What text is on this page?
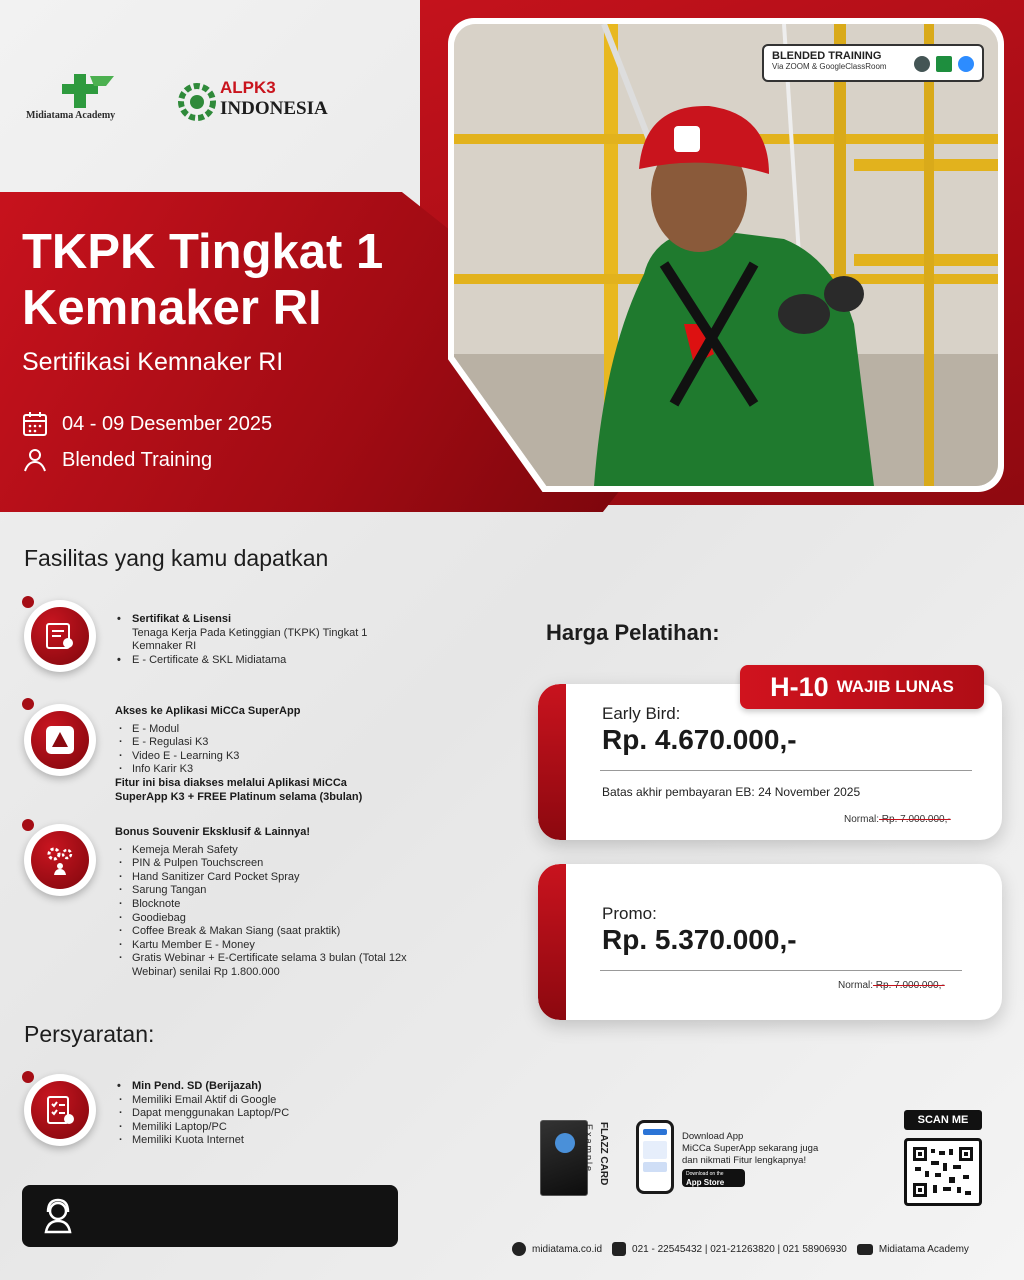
BLENDED TRAINING
Via ZOOM & GoogleClassRoom
Midiatama Academy
ALPK3
INDONESIA
TKPK Tingkat 1
Kemnaker RI
Sertifikasi Kemnaker RI
04 - 09 Desember 2025
Blended Training
Fasilitas yang kamu dapatkan
• Sertifikat & Lisensi
Tenaga Kerja Pada Ketinggian (TKPK) Tingkat 1
Kemnaker RI
• E - Certificate & SKL Midiatama
Akses ke Aplikasi MiCCa SuperApp
· E - Modul
· E - Regulasi K3
· Video E - Learning K3
· Info Karir K3
Fitur ini bisa diakses melalui Aplikasi MiCCa
SuperApp K3 + FREE Platinum selama (3bulan)
Bonus Souvenir Eksklusif & Lainnya!
· Kemeja Merah Safety
· PIN & Pulpen Touchscreen
· Hand Sanitizer Card Pocket Spray
· Sarung Tangan
· Blocknote
· Goodiebag
· Coffee Break & Makan Siang (saat praktik)
· Kartu Member E - Money
· Gratis Webinar + E-Certificate selama 3 bulan (Total 12x
Webinar) senilai Rp 1.800.000
Harga Pelatihan:
Early Bird:
Rp. 4.670.000,-
Batas akhir pembayaran EB: 24 November 2025
Normal: Rp. 7.000.000,-
H-10 WAJIB LUNAS
Promo:
Rp. 5.370.000,-
Normal: Rp. 7.000.000,-
Persyaratan:
• Min Pend. SD (Berijazah)
· Memiliki Email Aktif di Google
· Dapat menggunakan Laptop/PC
· Memiliki Laptop/PC
· Memiliki Kuota Internet	FLAZZ CARD
Example	Download App
MiCCa SuperApp sekarang juga
dan nikmati Fitur lengkapnya!
Download on the
App Store
SCAN ME
midiatama.co.id	021 - 22545432 | 021-21263820 | 021 58906930	Midiatama Academy
